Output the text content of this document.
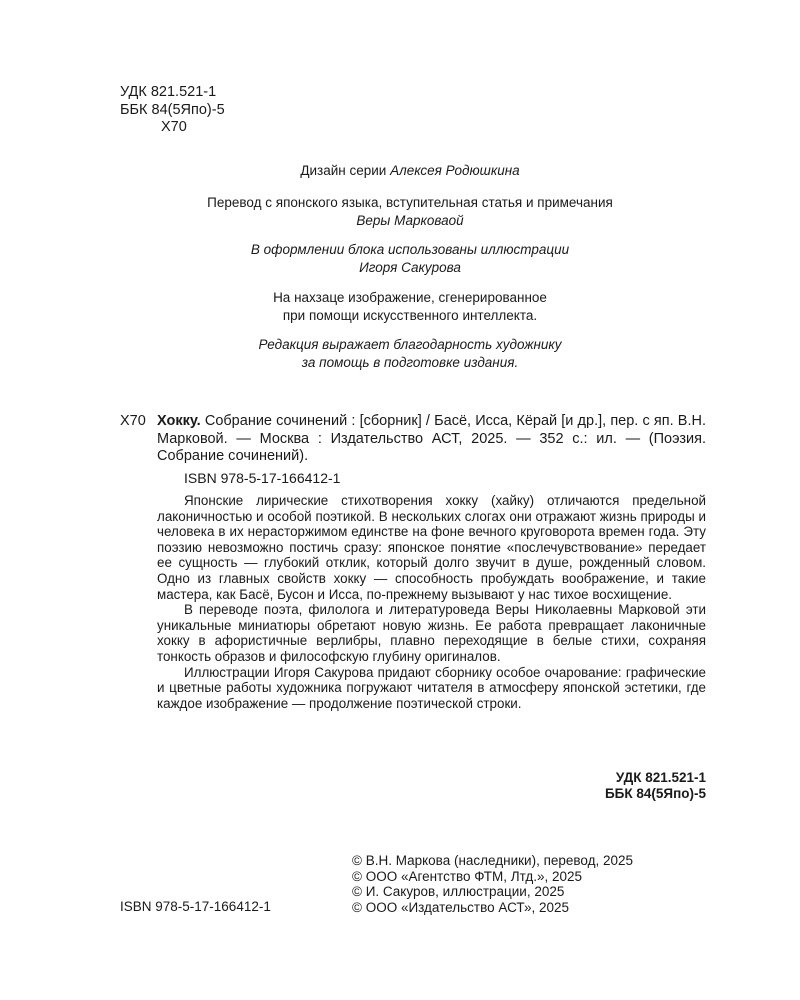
УДК 821.521-1
ББК 84(5Япо)-5
Х70
Дизайн серии Алексея Родюшкина
Перевод с японского языка, вступительная статья и примечания
Веры Марковаой
В оформлении блока использованы иллюстрации
Игоря Сакурова
На нахзаце изображение, сгенерированное
при помощи искусственного интеллекта.
Редакция выражает благодарность художнику
за помощь в подготовке издания.
Х70 Хокку. Собрание сочинений : [сборник] / Басё, Исса, Кёрай [и др.], пер. с яп. В.Н. Марковой. — Москва : Издательство АСТ, 2025. — 352 с.: ил. — (Поэзия. Собрание сочинений).
ISBN 978-5-17-166412-1

Японские лирические стихотворения хокку (хайку) отличаются предельной лаконичностью и особой поэтикой. В нескольких слогах они отражают жизнь природы и человека в их нерасторжимом единстве на фоне вечного круговорота времен года. Эту поэзию невозможно постичь сразу: японское понятие «послечувствование» передает ее сущность — глубокий отклик, который долго звучит в душе, рожденный словом. Одно из главных свойств хокку — способность пробуждать воображение, и такие мастера, как Басё, Бусон и Исса, по-прежнему вызывают у нас тихое восхищение.

В переводе поэта, филолога и литературоведа Веры Николаевны Марковой эти уникальные миниатюры обретают новую жизнь. Ее работа превращает лаконичные хокку в афористичные верлибры, плавно переходящие в белые стихи, сохраняя тонкость образов и философскую глубину оригиналов.

Иллюстрации Игоря Сакурова придают сборнику особое очарование: графические и цветные работы художника погружают читателя в атмосферу японской эстетики, где каждое изображение — продолжение поэтической строки.

УДК 821.521-1
ББК 84(5Япо)-5
© В.Н. Маркова (наследники), перевод, 2025
© ООО «Агентство ФТМ, Лтд.», 2025
© И. Сакуров, иллюстрации, 2025
© ООО «Издательство АСТ», 2025
ISBN 978-5-17-166412-1
